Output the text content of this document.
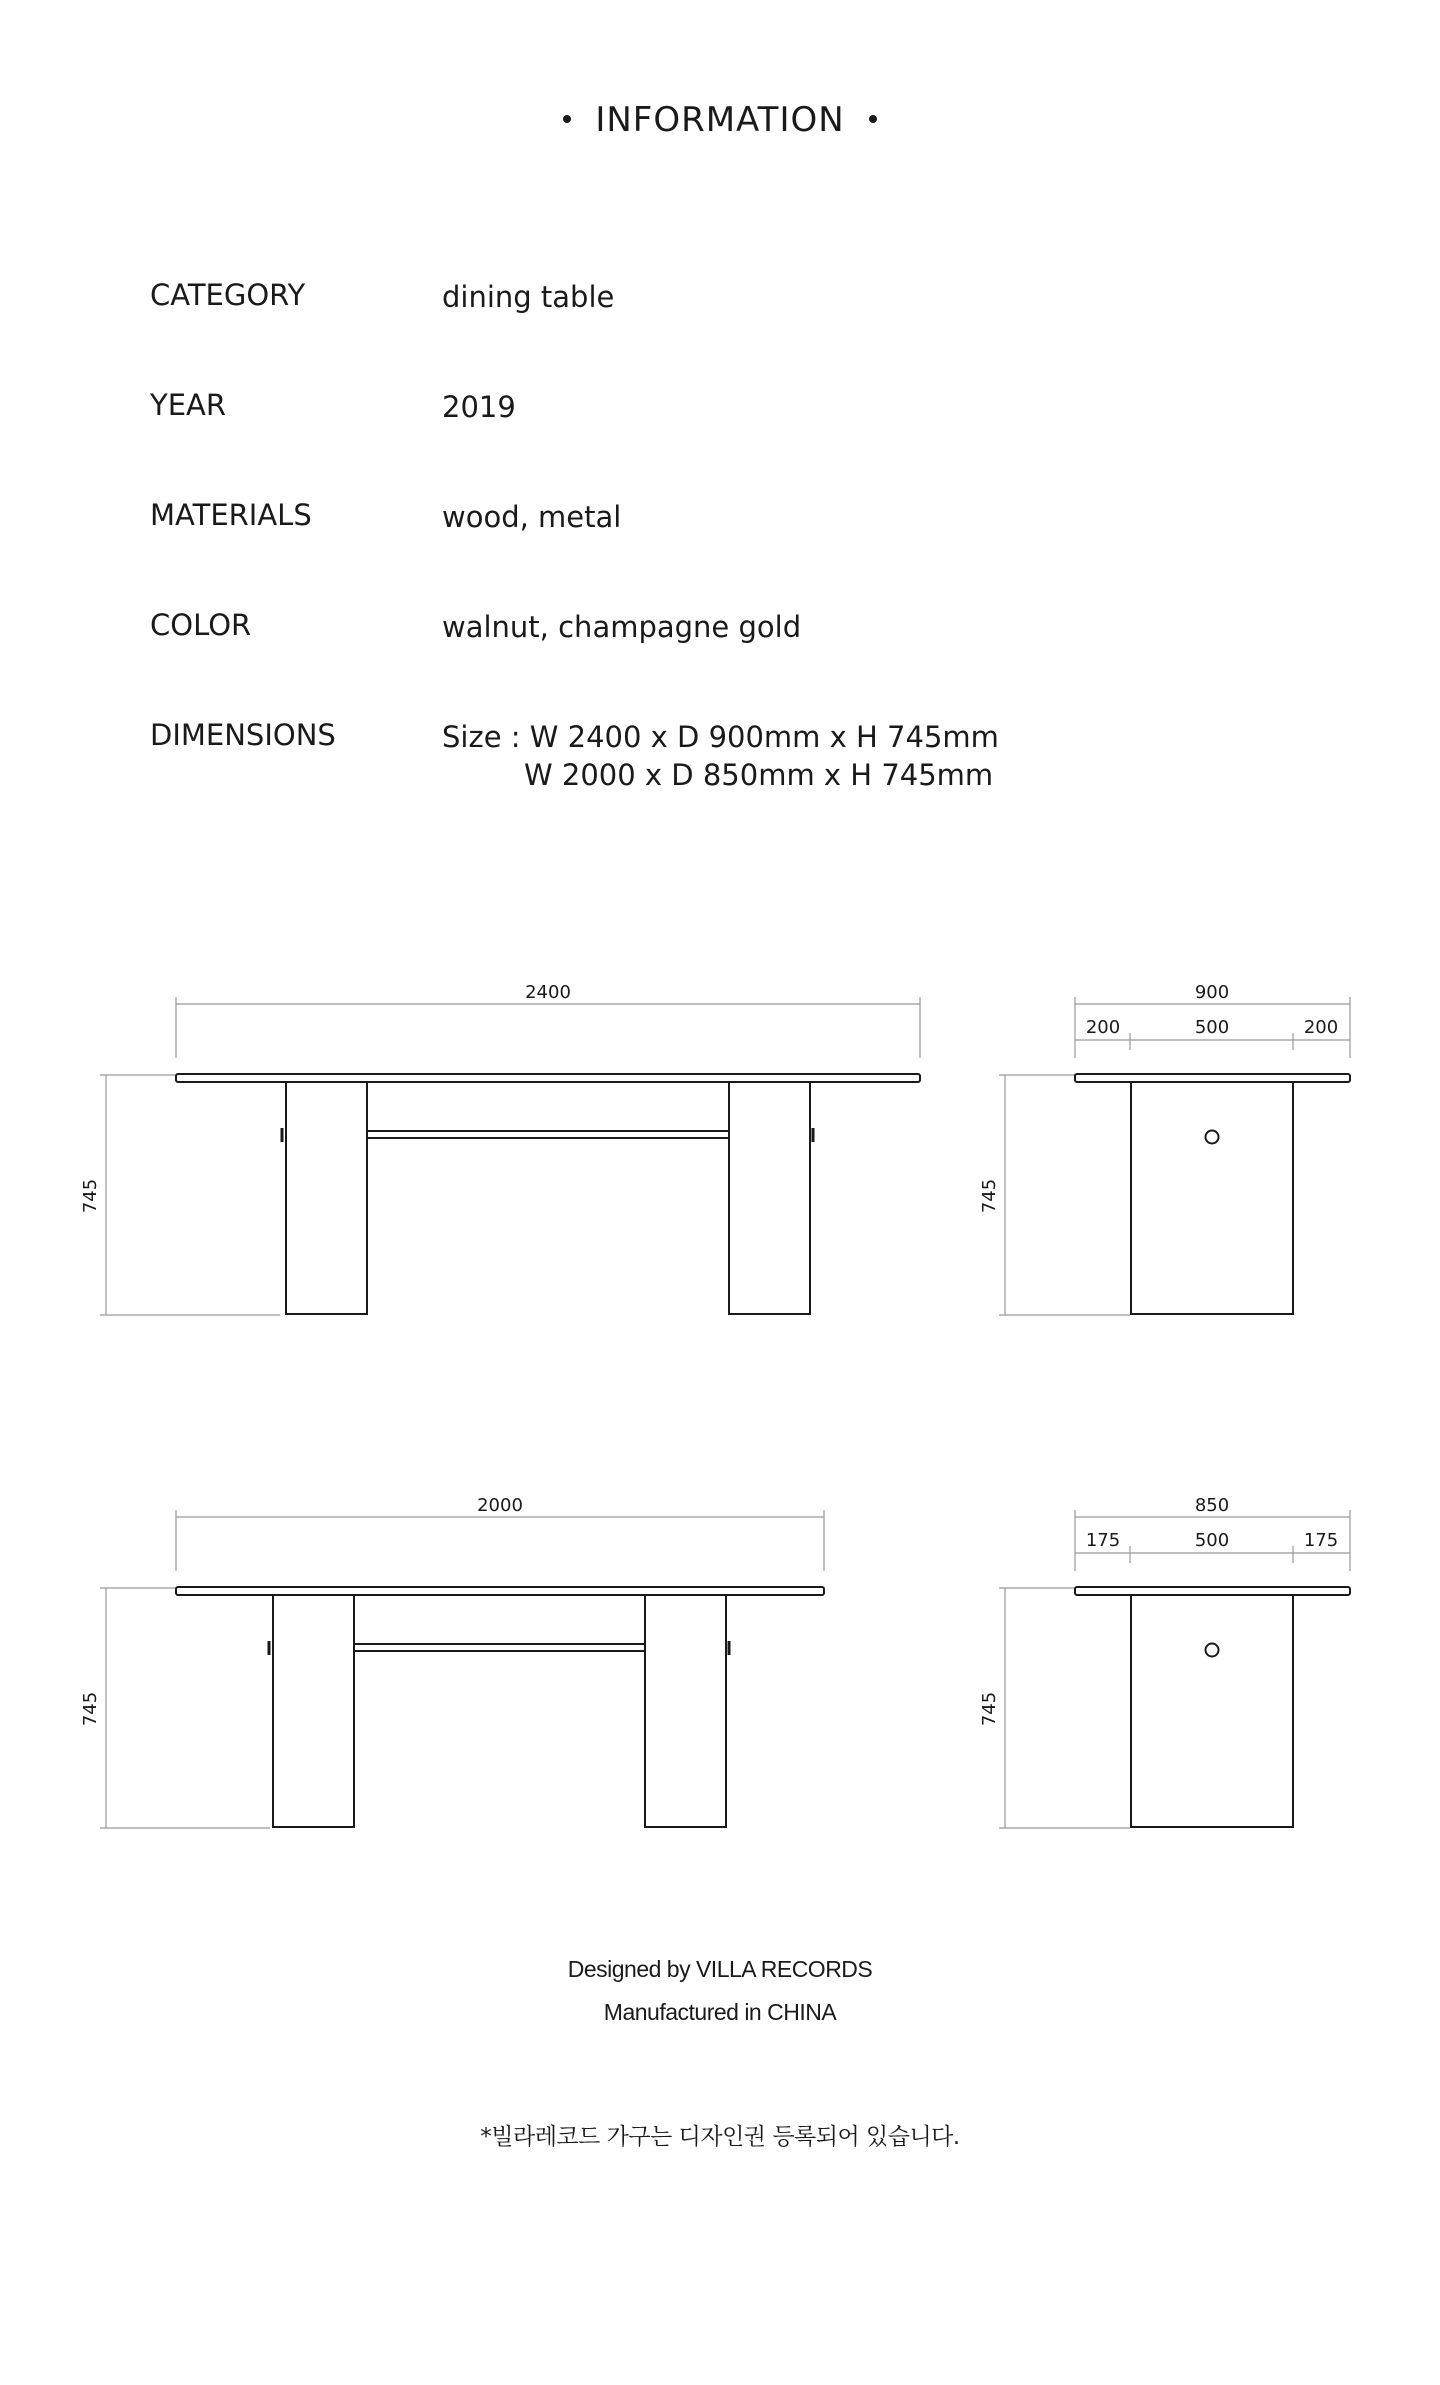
INFORMATION
CATEGORY	dining table
YEAR	2019
MATERIALS	wood, metal
COLOR	walnut, champagne gold
DIMENSIONS	Size : W 2400 x D 900mm x H 745mm
W 2000 x D 850mm x H 745mm
2400
745
900
200	500	200
745
2000
745
850
175	500	175
745
Designed by VILLA RECORDS
Manufactured in CHINA
*빌라레코드 가구는 디자인권 등록되어 있습니다.
